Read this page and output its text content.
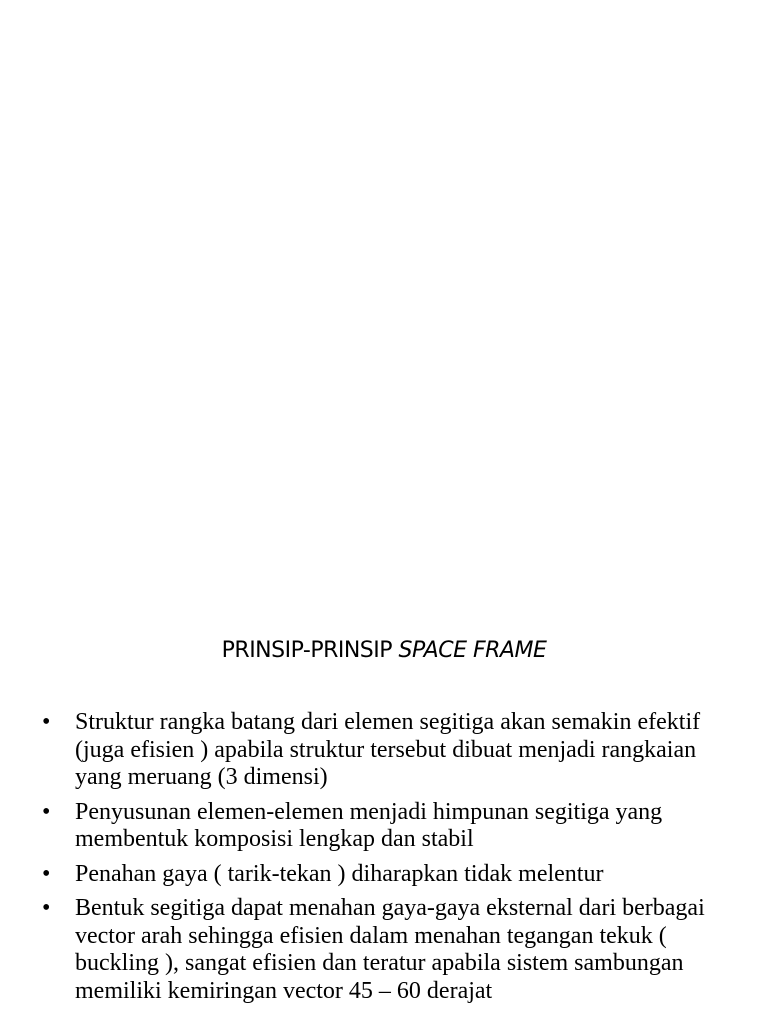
PRINSIP-PRINSIP SPACE FRAME
•	Struktur rangka batang dari elemen segitiga akan semakin efektif (juga efisien ) apabila struktur tersebut dibuat menjadi rangkaian yang meruang (3 dimensi)
•	Penyusunan elemen-elemen menjadi himpunan segitiga yang membentuk komposisi lengkap dan stabil
•	Penahan gaya ( tarik-tekan ) diharapkan tidak melentur
•	Bentuk segitiga dapat menahan gaya-gaya eksternal dari berbagai vector arah sehingga efisien dalam menahan tegangan tekuk ( buckling ), sangat efisien dan teratur apabila sistem sambungan memiliki kemiringan vector 45 – 60 derajat
